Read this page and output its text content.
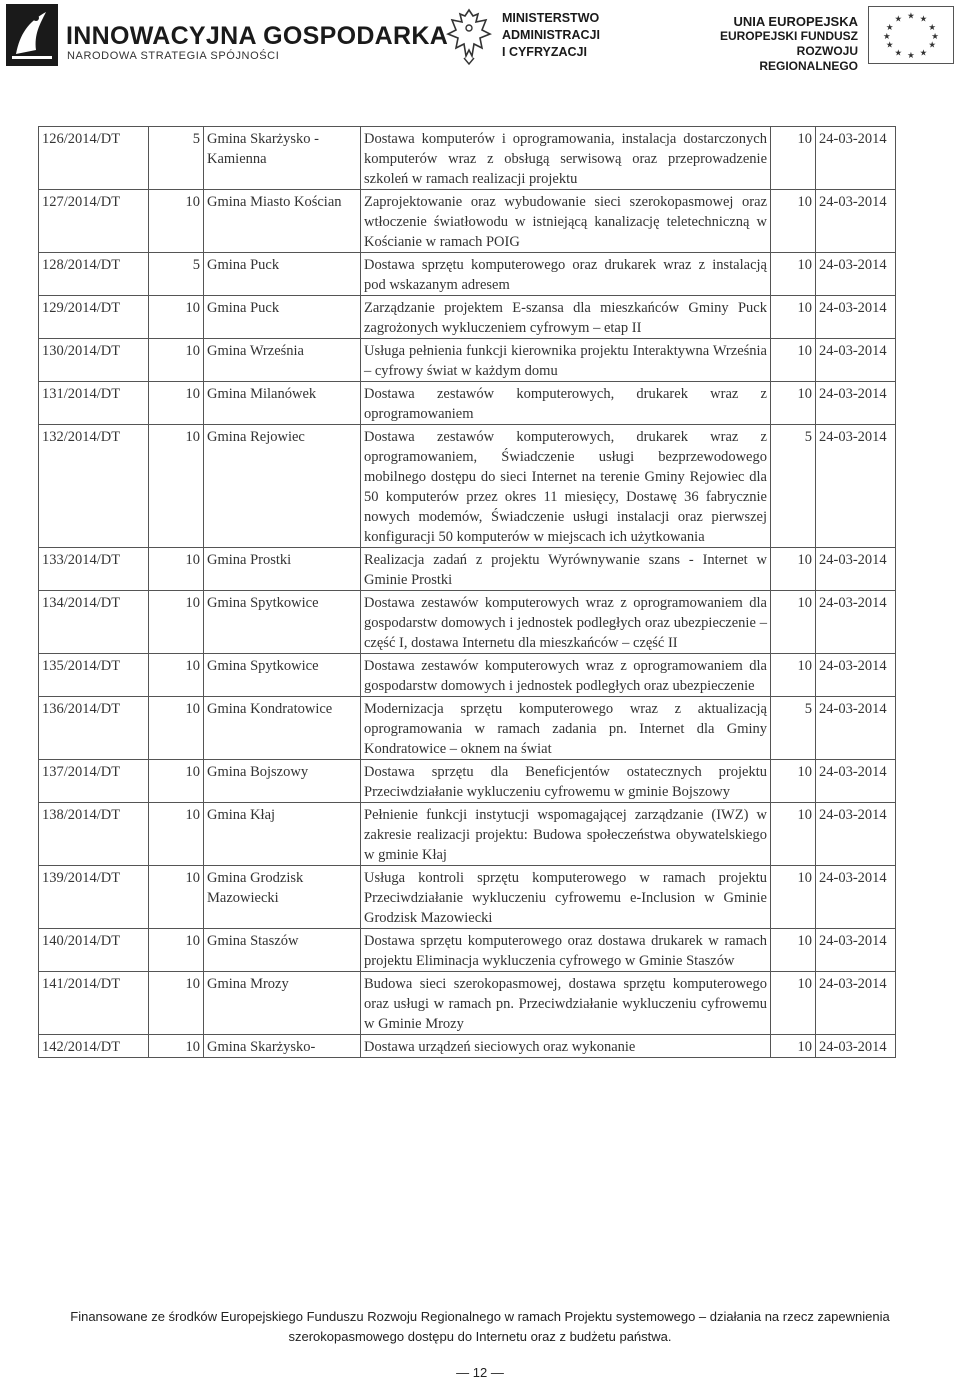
INNOWACYJNA GOSPODARKA
NARODOWA STRATEGIA SPÓJNOŚCI
MINISTERSTWO
ADMINISTRACJI
I CYFRYZACJI
UNIA EUROPEJSKA
EUROPEJSKI FUNDUSZ
ROZWOJU REGIONALNEGO
★ ★
★
★
★
★
★
★
★
★
★
★
126/2014/DT	5	Gmina Skarżysko - Kamienna	Dostawa komputerów i oprogramowania, instalacja dostarczonych komputerów wraz z obsługą serwisową oraz przeprowadzenie szkoleń w ramach realizacji projektu	10	24-03-2014
127/2014/DT	10	Gmina Miasto Kościan	Zaprojektowanie oraz wybudowanie sieci szerokopasmowej oraz wtłoczenie światłowodu w istniejącą kanalizację teletechniczną w Kościanie w ramach POIG	10	24-03-2014
128/2014/DT	5	Gmina Puck	Dostawa sprzętu komputerowego oraz drukarek wraz z instalacją pod wskazanym adresem	10	24-03-2014
129/2014/DT	10	Gmina Puck	Zarządzanie projektem E-szansa dla mieszkańców Gminy Puck zagrożonych wykluczeniem cyfrowym – etap II	10	24-03-2014
130/2014/DT	10	Gmina Września	Usługa pełnienia funkcji kierownika projektu Interaktywna Września – cyfrowy świat w każdym domu	10	24-03-2014
131/2014/DT	10	Gmina Milanówek	Dostawa zestawów komputerowych, drukarek wraz z oprogramowaniem	10	24-03-2014
132/2014/DT	10	Gmina Rejowiec	Dostawa zestawów komputerowych, drukarek wraz z oprogramowaniem, Świadczenie usługi bezprzewodowego mobilnego dostępu do sieci Internet na terenie Gminy Rejowiec dla 50 komputerów przez okres 11 miesięcy, Dostawę 36 fabrycznie nowych modemów, Świadczenie usługi instalacji oraz pierwszej konfiguracji 50 komputerów w miejscach ich użytkowania	5	24-03-2014
133/2014/DT	10	Gmina Prostki	Realizacja zadań z projektu Wyrównywanie szans - Internet w Gminie Prostki	10	24-03-2014
134/2014/DT	10	Gmina Spytkowice	Dostawa zestawów komputerowych wraz z oprogramowaniem dla gospodarstw domowych i jednostek podległych oraz ubezpieczenie – część I, dostawa Internetu dla mieszkańców – część II	10	24-03-2014
135/2014/DT	10	Gmina Spytkowice	Dostawa zestawów komputerowych wraz z oprogramowaniem dla gospodarstw domowych i jednostek podległych oraz ubezpieczenie	10	24-03-2014
136/2014/DT	10	Gmina Kondratowice	Modernizacja sprzętu komputerowego wraz z aktualizacją oprogramowania w ramach zadania pn. Internet dla Gminy Kondratowice – oknem na świat	5	24-03-2014
137/2014/DT	10	Gmina Bojszowy	Dostawa sprzętu dla Beneficjentów ostatecznych projektu Przeciwdziałanie wykluczeniu cyfrowemu w gminie Bojszowy	10	24-03-2014
138/2014/DT	10	Gmina Kłaj	Pełnienie funkcji instytucji wspomagającej zarządzanie (IWZ) w zakresie realizacji projektu: Budowa społeczeństwa obywatelskiego w gminie Kłaj	10	24-03-2014
139/2014/DT	10	Gmina Grodzisk Mazowiecki	Usługa kontroli sprzętu komputerowego w ramach projektu Przeciwdziałanie wykluczeniu cyfrowemu e-Inclusion w Gminie Grodzisk Mazowiecki	10	24-03-2014
140/2014/DT	10	Gmina Staszów	Dostawa sprzętu komputerowego oraz dostawa drukarek w ramach projektu Eliminacja wykluczenia cyfrowego w Gminie Staszów	10	24-03-2014
141/2014/DT	10	Gmina Mrozy	Budowa sieci szerokopasmowej, dostawa sprzętu komputerowego oraz usługi w ramach pn. Przeciwdziałanie wykluczeniu cyfrowemu w Gminie Mrozy	10	24-03-2014
142/2014/DT	10	Gmina Skarżysko-	Dostawa urządzeń sieciowych oraz wykonanie	10	24-03-2014
Finansowane ze środków Europejskiego Funduszu Rozwoju Regionalnego w ramach Projektu systemowego – działania na rzecz zapewnienia
szerokopasmowego dostępu do Internetu oraz z budżetu państwa.
— 12 —
